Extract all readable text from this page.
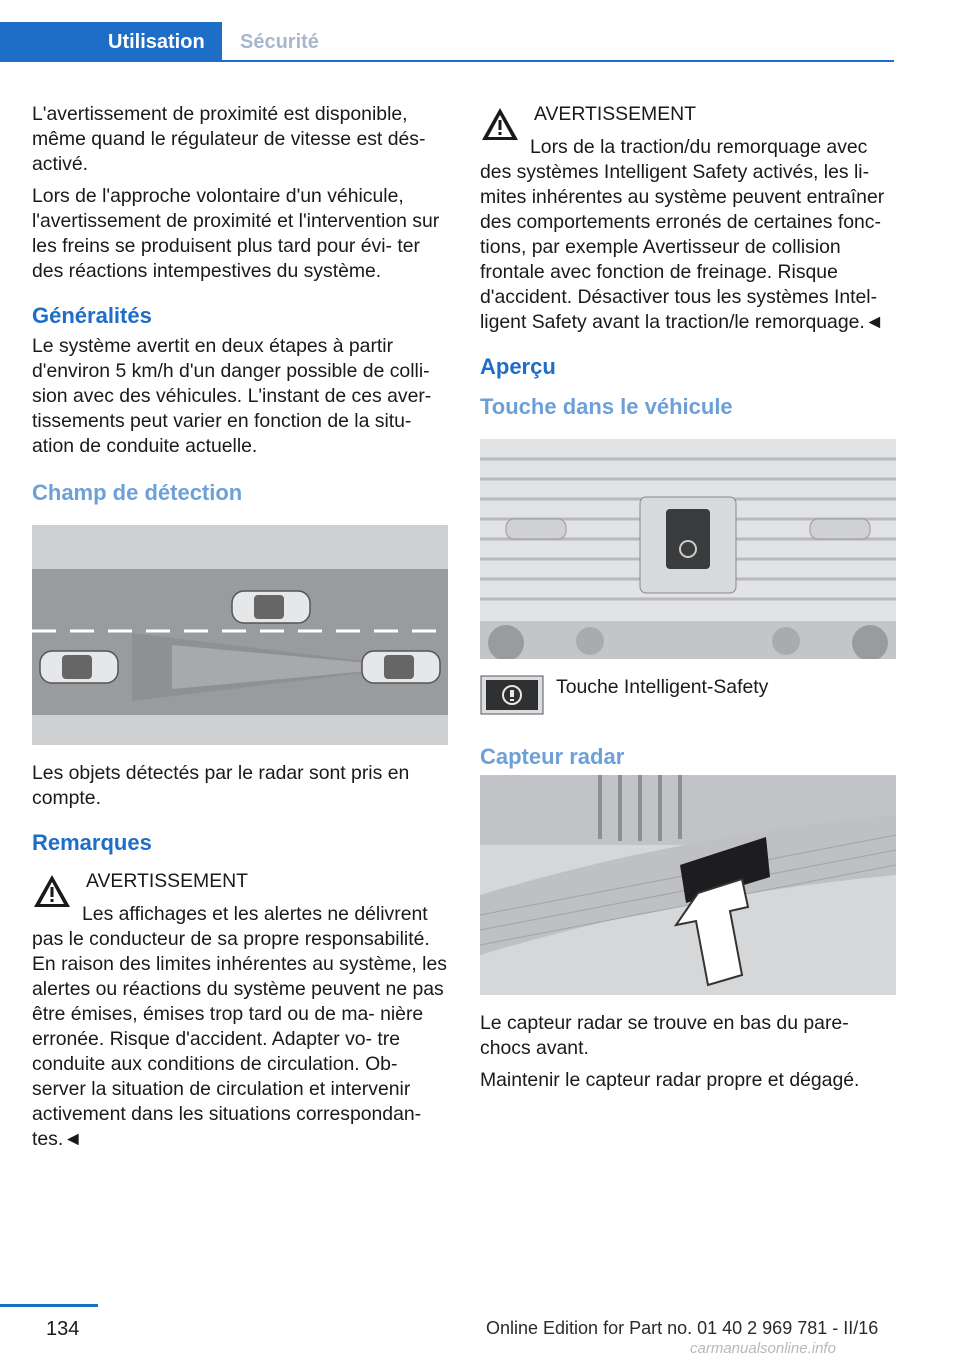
Utilisation	Sécurité

L'avertissement de proximité est disponible, même quand le régulateur de vitesse est dés‐ activé.

Lors de l'approche volontaire d'un véhicule, l'avertissement de proximité et l'intervention sur les freins se produisent plus tard pour évi‐ ter des réactions intempestives du système.

Généralités

Le système avertit en deux étapes à partir d'environ 5 km/h d'un danger possible de colli‐ sion avec des véhicules. L'instant de ces aver‐ tissements peut varier en fonction de la situ‐ ation de conduite actuelle.

Champ de détection

Les objets détectés par le radar sont pris en compte.

Remarques
AVERTISSEMENT

Les affichages et les alertes ne délivrent pas le conducteur de sa propre responsabilité. En raison des limites inhérentes au système, les alertes ou réactions du système peuvent ne pas être émises, émises trop tard ou de ma‐ nière erronée. Risque d'accident. Adapter vo‐ tre conduite aux conditions de circulation. Ob‐ server la situation de circulation et intervenir activement dans les situations correspondan‐ tes.◄

AVERTISSEMENT

Lors de la traction/du remorquage avec des systèmes Intelligent Safety activés, les li‐ mites inhérentes au système peuvent entraîner des comportements erronés de certaines fonc‐ tions, par exemple Avertisseur de collision frontale avec fonction de freinage. Risque d'accident. Désactiver tous les systèmes Intel‐ ligent Safety avant la traction/le remorquage.◄

Aperçu
Touche dans le véhicule
Touche Intelligent-Safety
Capteur radar

Le capteur radar se trouve en bas du pare‐ chocs avant.

Maintenir le capteur radar propre et dégagé.

134	Online Edition for Part no. 01 40 2 969 781 - II/16
carmanualsonline.info
